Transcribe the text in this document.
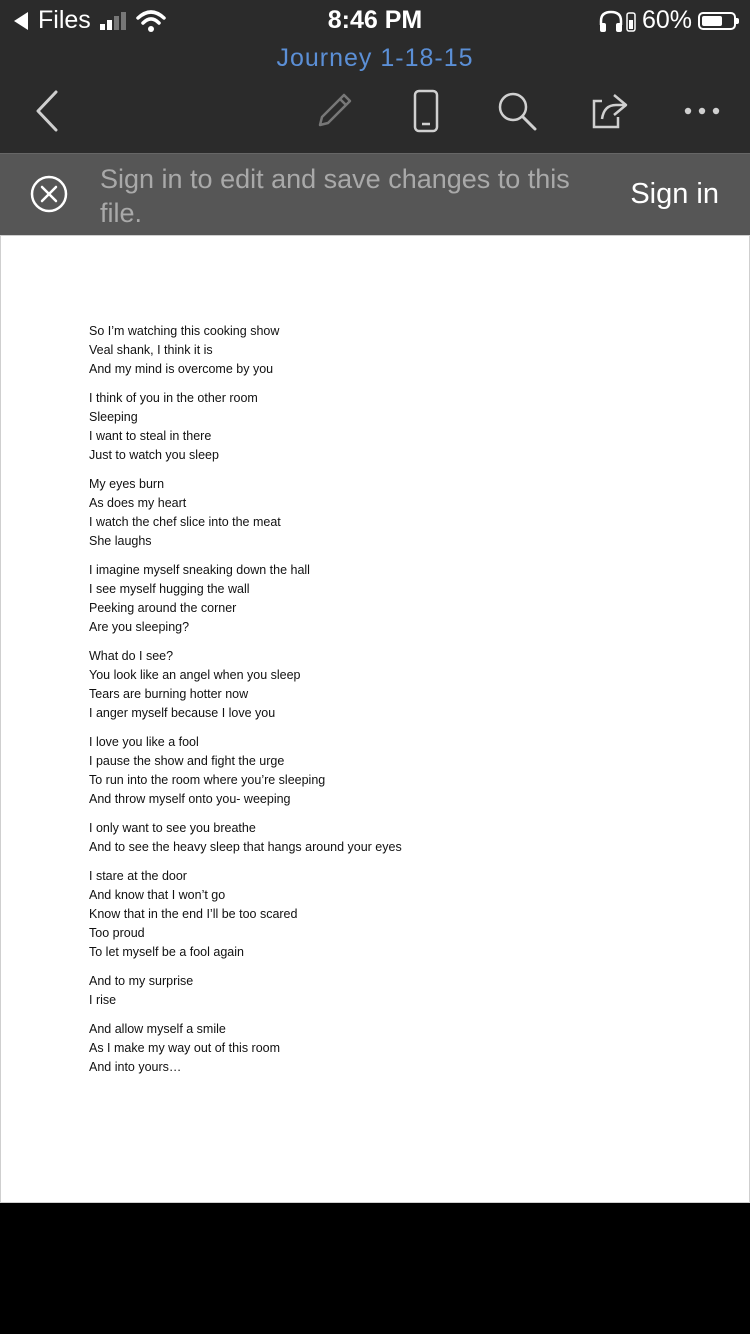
Files	8:46 PM	60%
Journey 1-18-15
Sign in to edit and save changes to this file.
Sign in
So I’m watching this cooking show
Veal shank, I think it is
And my mind is overcome by you
I think of you in the other room
Sleeping
I want to steal in there
Just to watch you sleep
My eyes burn
As does my heart
I watch the chef slice into the meat
She laughs
I imagine myself sneaking down the hall
I see myself hugging the wall
Peeking around the corner
Are you sleeping?
What do I see?
You look like an angel when you sleep
Tears are burning hotter now
I anger myself because I love you
I love you like a fool
I pause the show and fight the urge
To run into the room where you’re sleeping
And throw myself onto you- weeping
I only want to see you breathe
And to see the heavy sleep that hangs around your eyes
I stare at the door
And know that I won’t go
Know that in the end I’ll be too scared
Too proud
To let myself be a fool again
And to my surprise
I rise
And allow myself a smile
As I make my way out of this room
And into yours…
